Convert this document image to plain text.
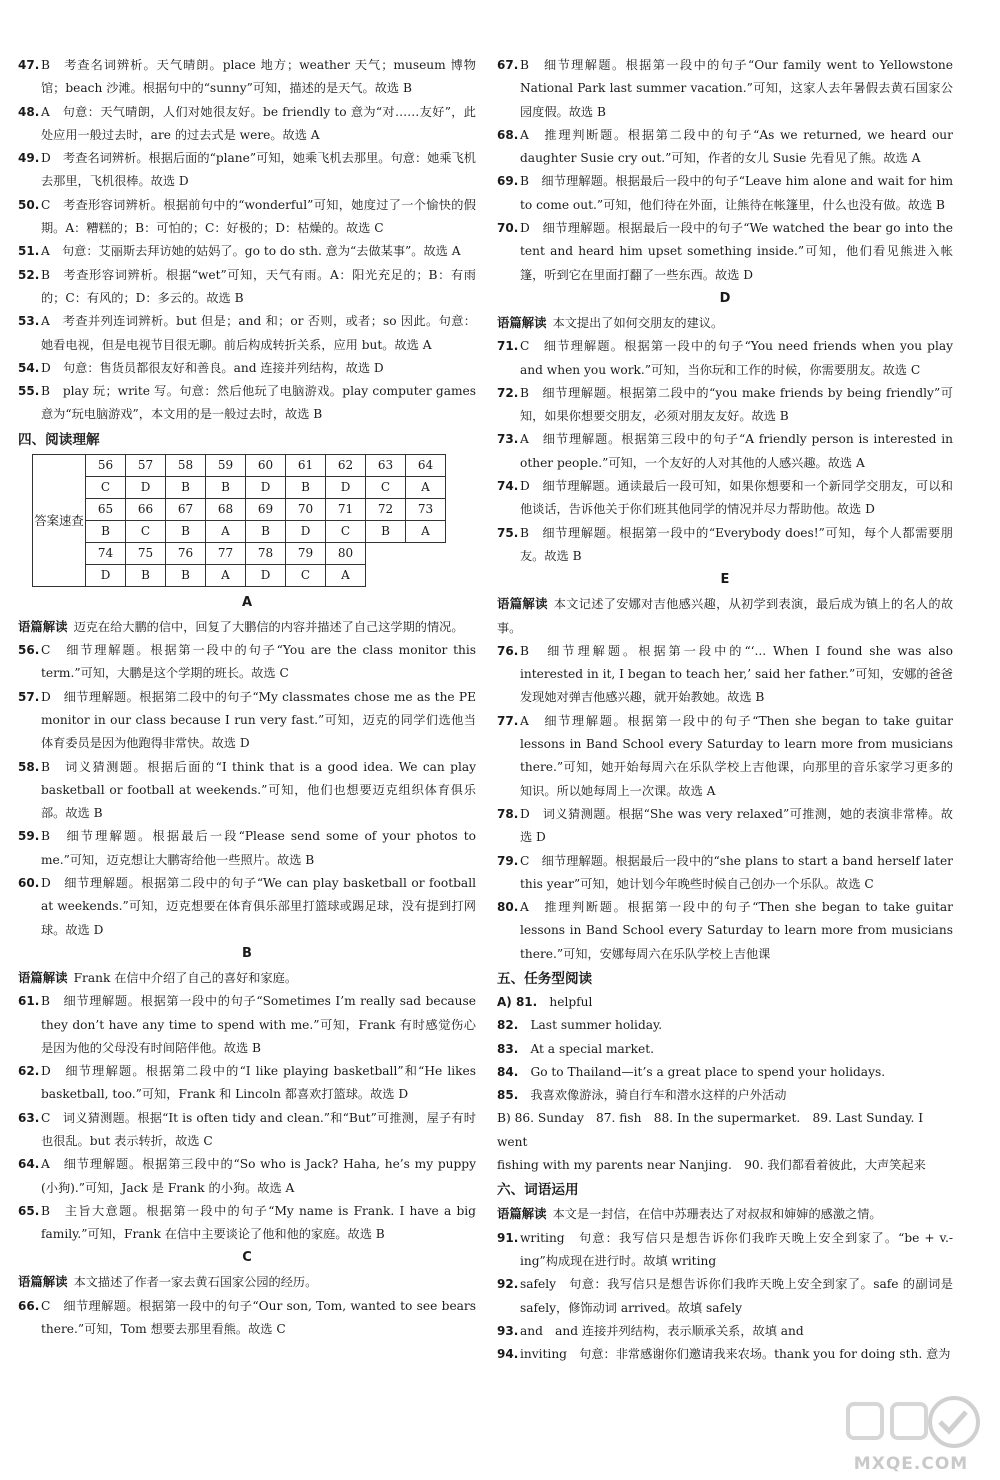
47. B　考查名词辨析。天气晴朗。place 地方；weather 天气；museum 博物馆；beach 沙滩。根据句中的“sunny”可知，描述的是天气。故选 B

48. A　句意：天气晴朗，人们对她很友好。be friendly to 意为“对……友好”，此处应用一般过去时，are 的过去式是 were。故选 A

49. D　考查名词辨析。根据后面的“plane”可知，她乘飞机去那里。句意：她乘飞机去那里，飞机很棒。故选 D

50. C　考查形容词辨析。根据前句中的“wonderful”可知，她度过了一个愉快的假期。A：糟糕的；B：可怕的；C：好极的；D：枯燥的。故选 C

51. A　句意：艾丽斯去拜访她的姑妈了。go to do sth. 意为“去做某事”。故选 A

52. B　考查形容词辨析。根据“wet”可知，天气有雨。A：阳光充足的；B：有雨的；C：有风的；D：多云的。故选 B

53. A　考查并列连词辨析。but 但是；and 和；or 否则，或者；so 因此。句意：她看电视，但是电视节目很无聊。前后构成转折关系，应用 but。故选 A

54. D　句意：售货员都很友好和善良。and 连接并列结构，故选 D

55. B　play 玩；write 写。句意：然后他玩了电脑游戏。play computer games 意为“玩电脑游戏”，本文用的是一般过去时，故选 B

四、阅读理解

答案速查	56	57	58	59	60	61	62	63	64
	C	D	B	B	D	B	D	C	A
	65	66	67	68	69	70	71	72	73
	B	C	B	A	B	D	C	B	A
	74	75	76	77	78	79	80		
	D	B	B	A	D	C	A		

A

语篇解读 迈克在给大鹏的信中，回复了大鹏信的内容并描述了自己这学期的情况。

56. C　细节理解题。根据第一段中的句子“You are the class monitor this term.”可知，大鹏是这个学期的班长。故选 C

57. D　细节理解题。根据第二段中的句子“My classmates chose me as the PE monitor in our class because I run very fast.”可知，迈克的同学们选他当体育委员是因为他跑得非常快。故选 D

58. B　词义猜测题。根据后面的“I think that is a good idea. We can play basketball or football at weekends.”可知，他们也想要迈克组织体育俱乐部。故选 B

59. B　细节理解题。根据最后一段“Please send some of your photos to me.”可知，迈克想让大鹏寄给他一些照片。故选 B

60. D　细节理解题。根据第二段中的句子“We can play basketball or football at weekends.”可知，迈克想要在体育俱乐部里打篮球或踢足球，没有提到打网球。故选 D

B

语篇解读 Frank 在信中介绍了自己的喜好和家庭。

61. B　细节理解题。根据第一段中的句子“Sometimes I’m really sad because they don’t have any time to spend with me.”可知，Frank 有时感觉伤心是因为他的父母没有时间陪伴他。故选 B

62. D　细节理解题。根据第二段中的“I like playing basketball”和“He likes basketball, too.”可知，Frank 和 Lincoln 都喜欢打篮球。故选 D

63. C　词义猜测题。根据“It is often tidy and clean.”和“But”可推测，屋子有时也很乱。but 表示转折，故选 C

64. A　细节理解题。根据第三段中的“So who is Jack? Haha, he’s my puppy (小狗).”可知，Jack 是 Frank 的小狗。故选 A

65. B　主旨大意题。根据第一段中的句子“My name is Frank. I have a big family.”可知，Frank 在信中主要谈论了他和他的家庭。故选 B

C

语篇解读 本文描述了作者一家去黄石国家公园的经历。

66. C　细节理解题。根据第一段中的句子“Our son, Tom, wanted to see bears there.”可知，Tom 想要去那里看熊。故选 C

67. B　细节理解题。根据第一段中的句子“Our family went to Yellowstone National Park last summer vacation.”可知，这家人去年暑假去黄石国家公园度假。故选 B

68. A　推理判断题。根据第二段中的句子“As we returned, we heard our daughter Susie cry out.”可知，作者的女儿 Susie 先看见了熊。故选 A

69. B　细节理解题。根据最后一段中的句子“Leave him alone and wait for him to come out.”可知，他们待在外面，让熊待在帐篷里，什么也没有做。故选 B

70. D　细节理解题。根据最后一段中的句子“We watched the bear go into the tent and heard him upset something inside.”可知，他们看见熊进入帐篷，听到它在里面打翻了一些东西。故选 D

D

语篇解读 本文提出了如何交朋友的建议。

71. C　细节理解题。根据第一段中的句子“You need friends when you play and when you work.”可知，当你玩和工作的时候，你需要朋友。故选 C

72. B　细节理解题。根据第二段中的“you make friends by being friendly”可知，如果你想要交朋友，必须对朋友友好。故选 B

73. A　细节理解题。根据第三段中的句子“A friendly person is interested in other people.”可知，一个友好的人对其他的人感兴趣。故选 A

74. D　细节理解题。通读最后一段可知，如果你想要和一个新同学交朋友，可以和他谈话，告诉他关于你们班其他同学的情况并尽力帮助他。故选 D

75. B　细节理解题。根据第一段中的“Everybody does!”可知，每个人都需要朋友。故选 B

E

语篇解读 本文记述了安娜对吉他感兴趣，从初学到表演，最后成为镇上的名人的故事。

76. B　细节理解题。根据第一段中的“‘... When I found she was also interested in it, I began to teach her,’ said her father.”可知，安娜的爸爸发现她对弹吉他感兴趣，就开始教她。故选 B

77. A　细节理解题。根据第一段中的句子“Then she began to take guitar lessons in Band School every Saturday to learn more from musicians there.”可知，她开始每周六在乐队学校上吉他课，向那里的音乐家学习更多的知识。所以她每周上一次课。故选 A

78. D　词义猜测题。根据“She was very relaxed”可推测，她的表演非常棒。故选 D

79. C　细节理解题。根据最后一段中的“she plans to start a band herself later this year”可知，她计划今年晚些时候自己创办一个乐队。故选 C

80. A　推理判断题。根据第一段中的句子“Then she began to take guitar lessons in Band School every Saturday to learn more from musicians there.”可知，安娜每周六在乐队学校上吉他课

五、任务型阅读

A) 81.　 helpful

82.　 Last summer holiday.

83.　 At a special market.

84.　 Go to Thailand—it’s a great place to spend your holidays.

85.　 我喜欢像游泳，骑自行车和潜水这样的户外活动

B) 86. Sunday　87. fish　88. In the supermarket.　89. Last Sunday. I went

fishing with my parents near Nanjing.　90. 我们都看着彼此，大声笑起来

六、词语运用

语篇解读 本文是一封信，在信中苏珊表达了对叔叔和婶婶的感激之情。

91. writing　句意：我写信只是想告诉你们我昨天晚上安全到家了。“be + v.-ing”构成现在进行时。故填 writing

92. safely　句意：我写信只是想告诉你们我昨天晚上安全到家了。safe 的副词是 safely，修饰动词 arrived。故填 safely

93. and　and 连接并列结构，表示顺承关系，故填 and

94. inviting　句意：非常感谢你们邀请我来农场。thank you for doing sth. 意为

MXQE.COM
